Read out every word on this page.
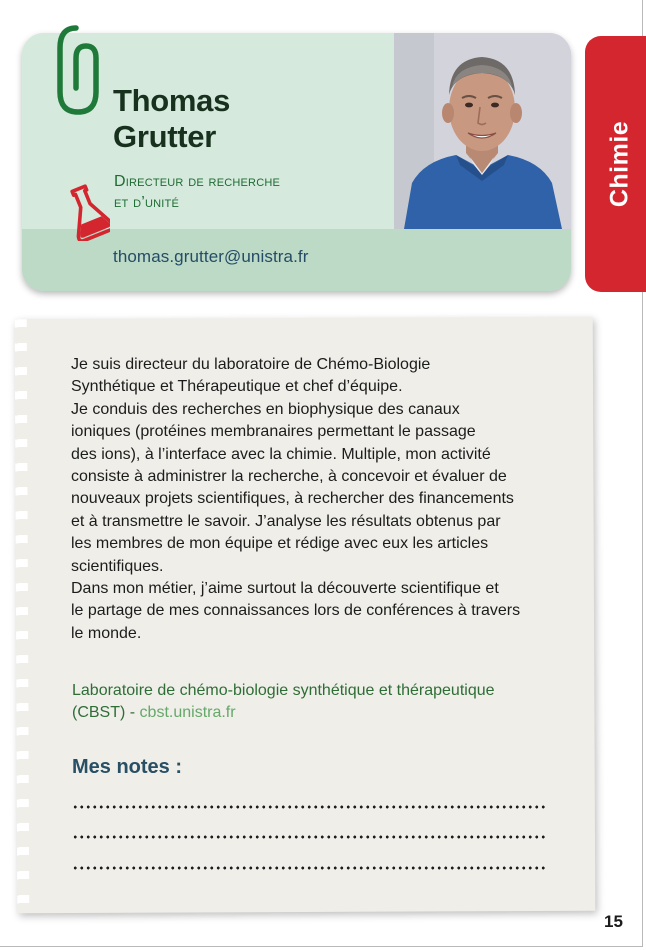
Thomas
Grutter

Directeur de recherche
et d’unité

thomas.grutter@unistra.fr
Chimie

Je suis directeur du laboratoire de Chémo-Biologie
Synthétique et Thérapeutique et chef d’équipe.
Je conduis des recherches en biophysique des canaux
ioniques (protéines membranaires permettant le passage
des ions), à l’interface avec la chimie. Multiple, mon activité
consiste à administrer la recherche, à concevoir et évaluer de
nouveaux projets scientifiques, à rechercher des financements
et à transmettre le savoir. J’analyse les résultats obtenus par
les membres de mon équipe et rédige avec eux les articles
scientifiques.
Dans mon métier, j’aime surtout la découverte scientifique et
le partage de mes connaissances lors de conférences à travers
le monde.

Laboratoire de chémo-biologie synthétique et thérapeutique
(CBST) - cbst.unistra.fr

Mes notes :
15
